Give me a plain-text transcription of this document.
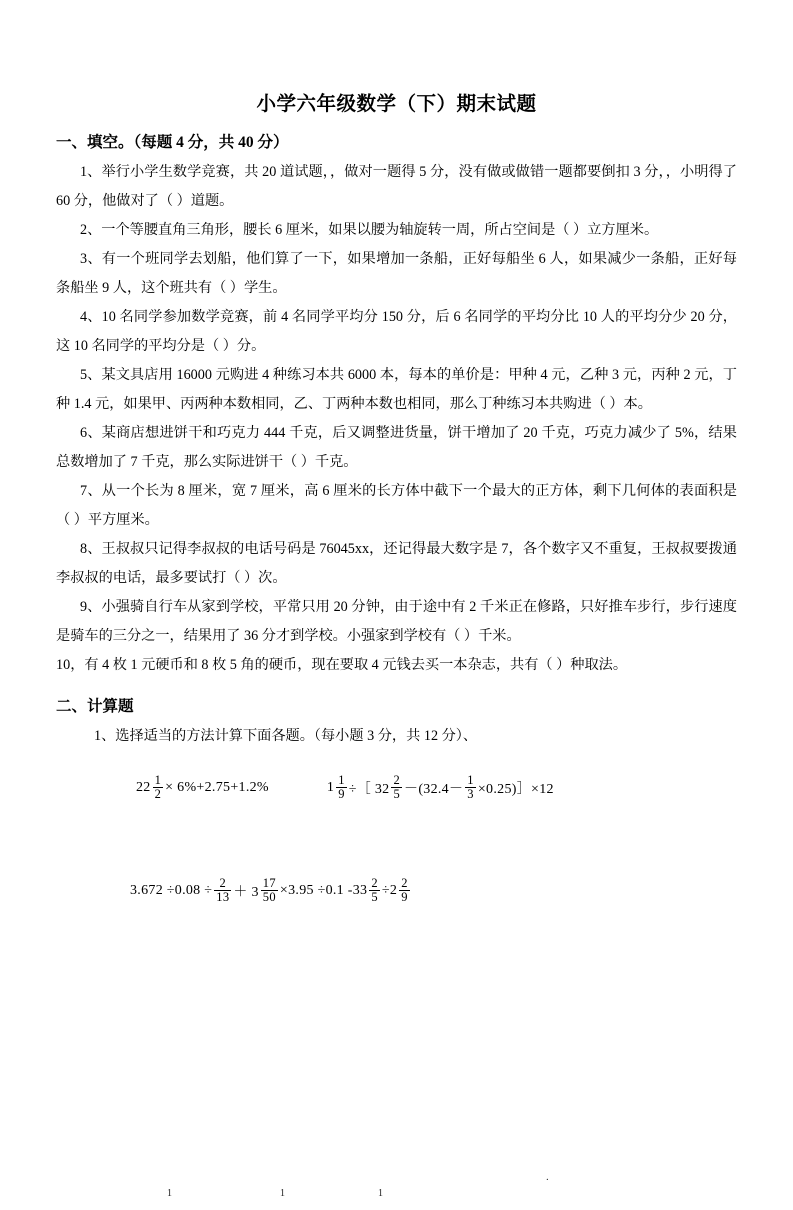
小学六年级数学（下）期末试题
一、填空。（每题 4 分，共 40 分）

1、举行小学生数学竞赛，共 20 道试题，，做对一题得 5 分，没有做或做错一题都要倒扣 3 分，，小明得了 60 分，他做对了（ ）道题。

2、一个等腰直角三角形，腰长 6 厘米，如果以腰为轴旋转一周，所占空间是（ ）立方厘米。

3、有一个班同学去划船，他们算了一下，如果增加一条船，正好每船坐 6 人，如果减少一条船，正好每条船坐 9 人，这个班共有（ ）学生。

4、10 名同学参加数学竞赛，前 4 名同学平均分 150 分，后 6 名同学的平均分比 10 人的平均分少 20 分，这 10 名同学的平均分是（ ）分。

5、某文具店用 16000 元购进 4 种练习本共 6000 本，每本的单价是：甲种 4 元，乙种 3 元，丙种 2 元，丁种 1.4 元，如果甲、丙两种本数相同，乙、丁两种本数也相同，那么丁种练习本共购进（ ）本。

6、某商店想进饼干和巧克力 444 千克，后又调整进货量，饼干增加了 20 千克，巧克力减少了 5%，结果总数增加了 7 千克，那么实际进饼干（ ）千克。

7、从一个长为 8 厘米，宽 7 厘米，高 6 厘米的长方体中截下一个最大的正方体，剩下几何体的表面积是（ ）平方厘米。

8、王叔叔只记得李叔叔的电话号码是 76045xx，还记得最大数字是 7，各个数字又不重复，王叔叔要拨通李叔叔的电话，最多要试打（ ）次。

9、小强骑自行车从家到学校，平常只用 20 分钟，由于途中有 2 千米正在修路，只好推车步行，步行速度是骑车的三分之一，结果用了 36 分才到学校。小强家到学校有（ ）千米。

10，有 4 枚 1 元硬币和 8 枚 5 角的硬币，现在要取 4 元钱去买一本杂志，共有（ ）种取法。

二、计算题

1、选择适当的方法计算下面各题。（每小题 3 分，共 12 分）、

$22 \frac{1}{2} \times 6\%+2.75+1.2\%$	$1 \frac{1}{9}$ ÷［ $32 \frac{2}{5} -(32.4- \frac{1}{3}$ ×0.25)］×12
$3.672 \div 0.08 \div \frac{2}{13} + 3 \frac{17}{50} \times 3.95 \div 0.1$ $-33 \frac{2}{5} \div 2 \frac{2}{9}$
.
1	1	1
